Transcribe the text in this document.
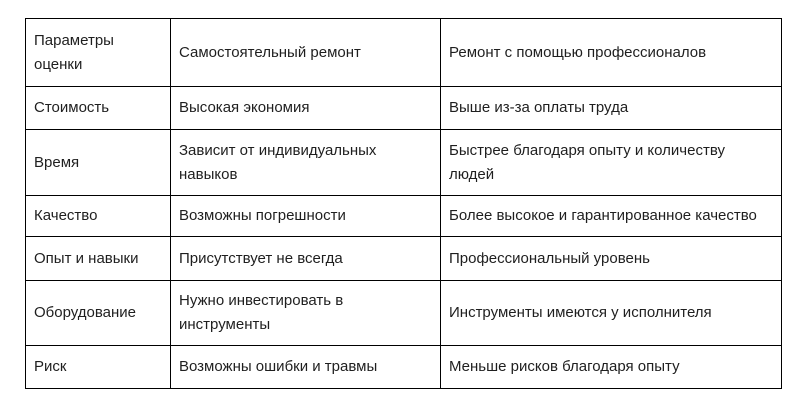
Параметры оценки	Самостоятельный ремонт	Ремонт с помощью профессионалов
Стоимость	Высокая экономия	Выше из-за оплаты труда
Время	Зависит от индивидуальных навыков	Быстрее благодаря опыту и количеству людей
Качество	Возможны погрешности	Более высокое и гарантированное качество
Опыт и навыки	Присутствует не всегда	Профессиональный уровень
Оборудование	Нужно инвестировать в инструменты	Инструменты имеются у исполнителя
Риск	Возможны ошибки и травмы	Меньше рисков благодаря опыту
